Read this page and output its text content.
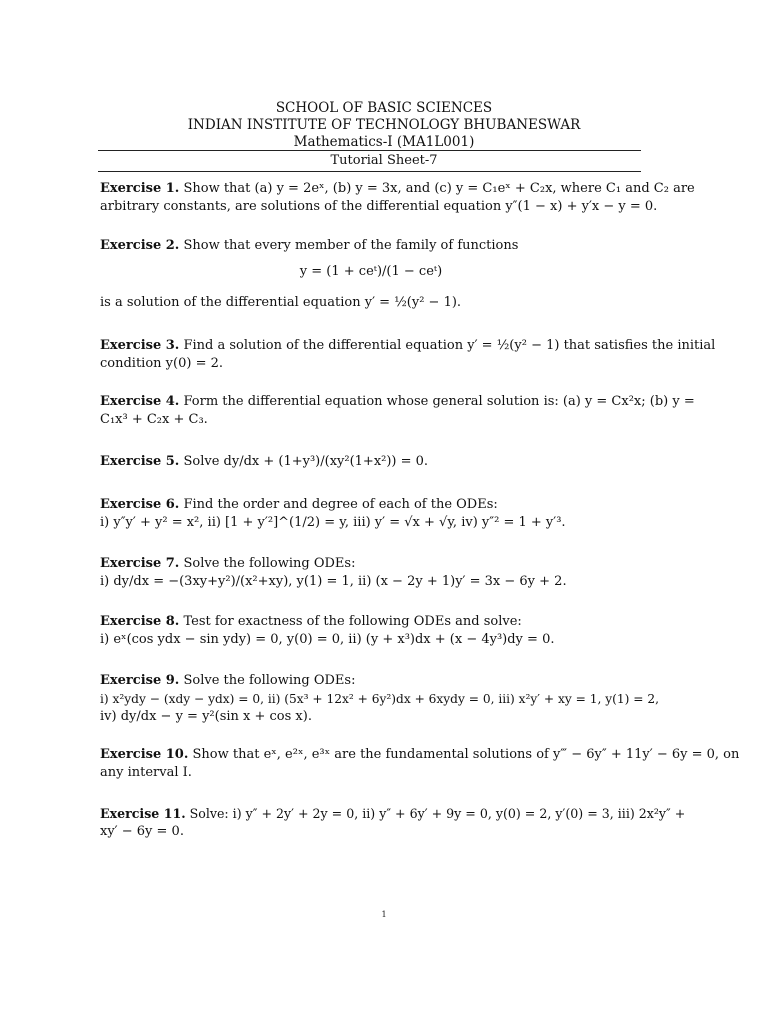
SCHOOL OF BASIC SCIENCES
INDIAN INSTITUTE OF TECHNOLOGY BHUBANESWAR
Mathematics-I (MA1L001)
Tutorial Sheet-7
Exercise 1. Show that (a) y = 2eˣ, (b) y = 3x, and (c) y = C₁eˣ + C₂x, where C₁ and C₂ are
arbitrary constants, are solutions of the differential equation y″(1 − x) + y′x − y = 0.
Exercise 2. Show that every member of the family of functions
y = (1 + ceᵗ)/(1 − ceᵗ)
is a solution of the differential equation y′ = ½(y² − 1).
Exercise 3. Find a solution of the differential equation y′ = ½(y² − 1) that satisfies the initial
condition y(0) = 2.
Exercise 4. Form the differential equation whose general solution is: (a) y = Cx²x; (b) y =
C₁x³ + C₂x + C₃.
Exercise 5. Solve dy/dx + (1+y³)/(xy²(1+x²)) = 0.
Exercise 6. Find the order and degree of each of the ODEs:
i) y″y′ + y² = x², ii) [1 + y′²]^(1/2) = y, iii) y′ = √x + √y, iv) y″² = 1 + y′³.
Exercise 7. Solve the following ODEs:
i) dy/dx = −(3xy+y²)/(x²+xy), y(1) = 1, ii) (x − 2y + 1)y′ = 3x − 6y + 2.
Exercise 8. Test for exactness of the following ODEs and solve:
i) eˣ(cos ydx − sin ydy) = 0, y(0) = 0, ii) (y + x³)dx + (x − 4y³)dy = 0.
Exercise 9. Solve the following ODEs:
i) x²ydy − (xdy − ydx) = 0, ii) (5x³ + 12x² + 6y²)dx + 6xydy = 0, iii) x²y′ + xy = 1, y(1) = 2,
iv) dy/dx − y = y²(sin x + cos x).
Exercise 10. Show that eˣ, e²ˣ, e³ˣ are the fundamental solutions of y‴ − 6y″ + 11y′ − 6y = 0, on
any interval I.
Exercise 11. Solve: i) y″ + 2y′ + 2y = 0, ii) y″ + 6y′ + 9y = 0, y(0) = 2, y′(0) = 3, iii) 2x²y″ +
xy′ − 6y = 0.
1
